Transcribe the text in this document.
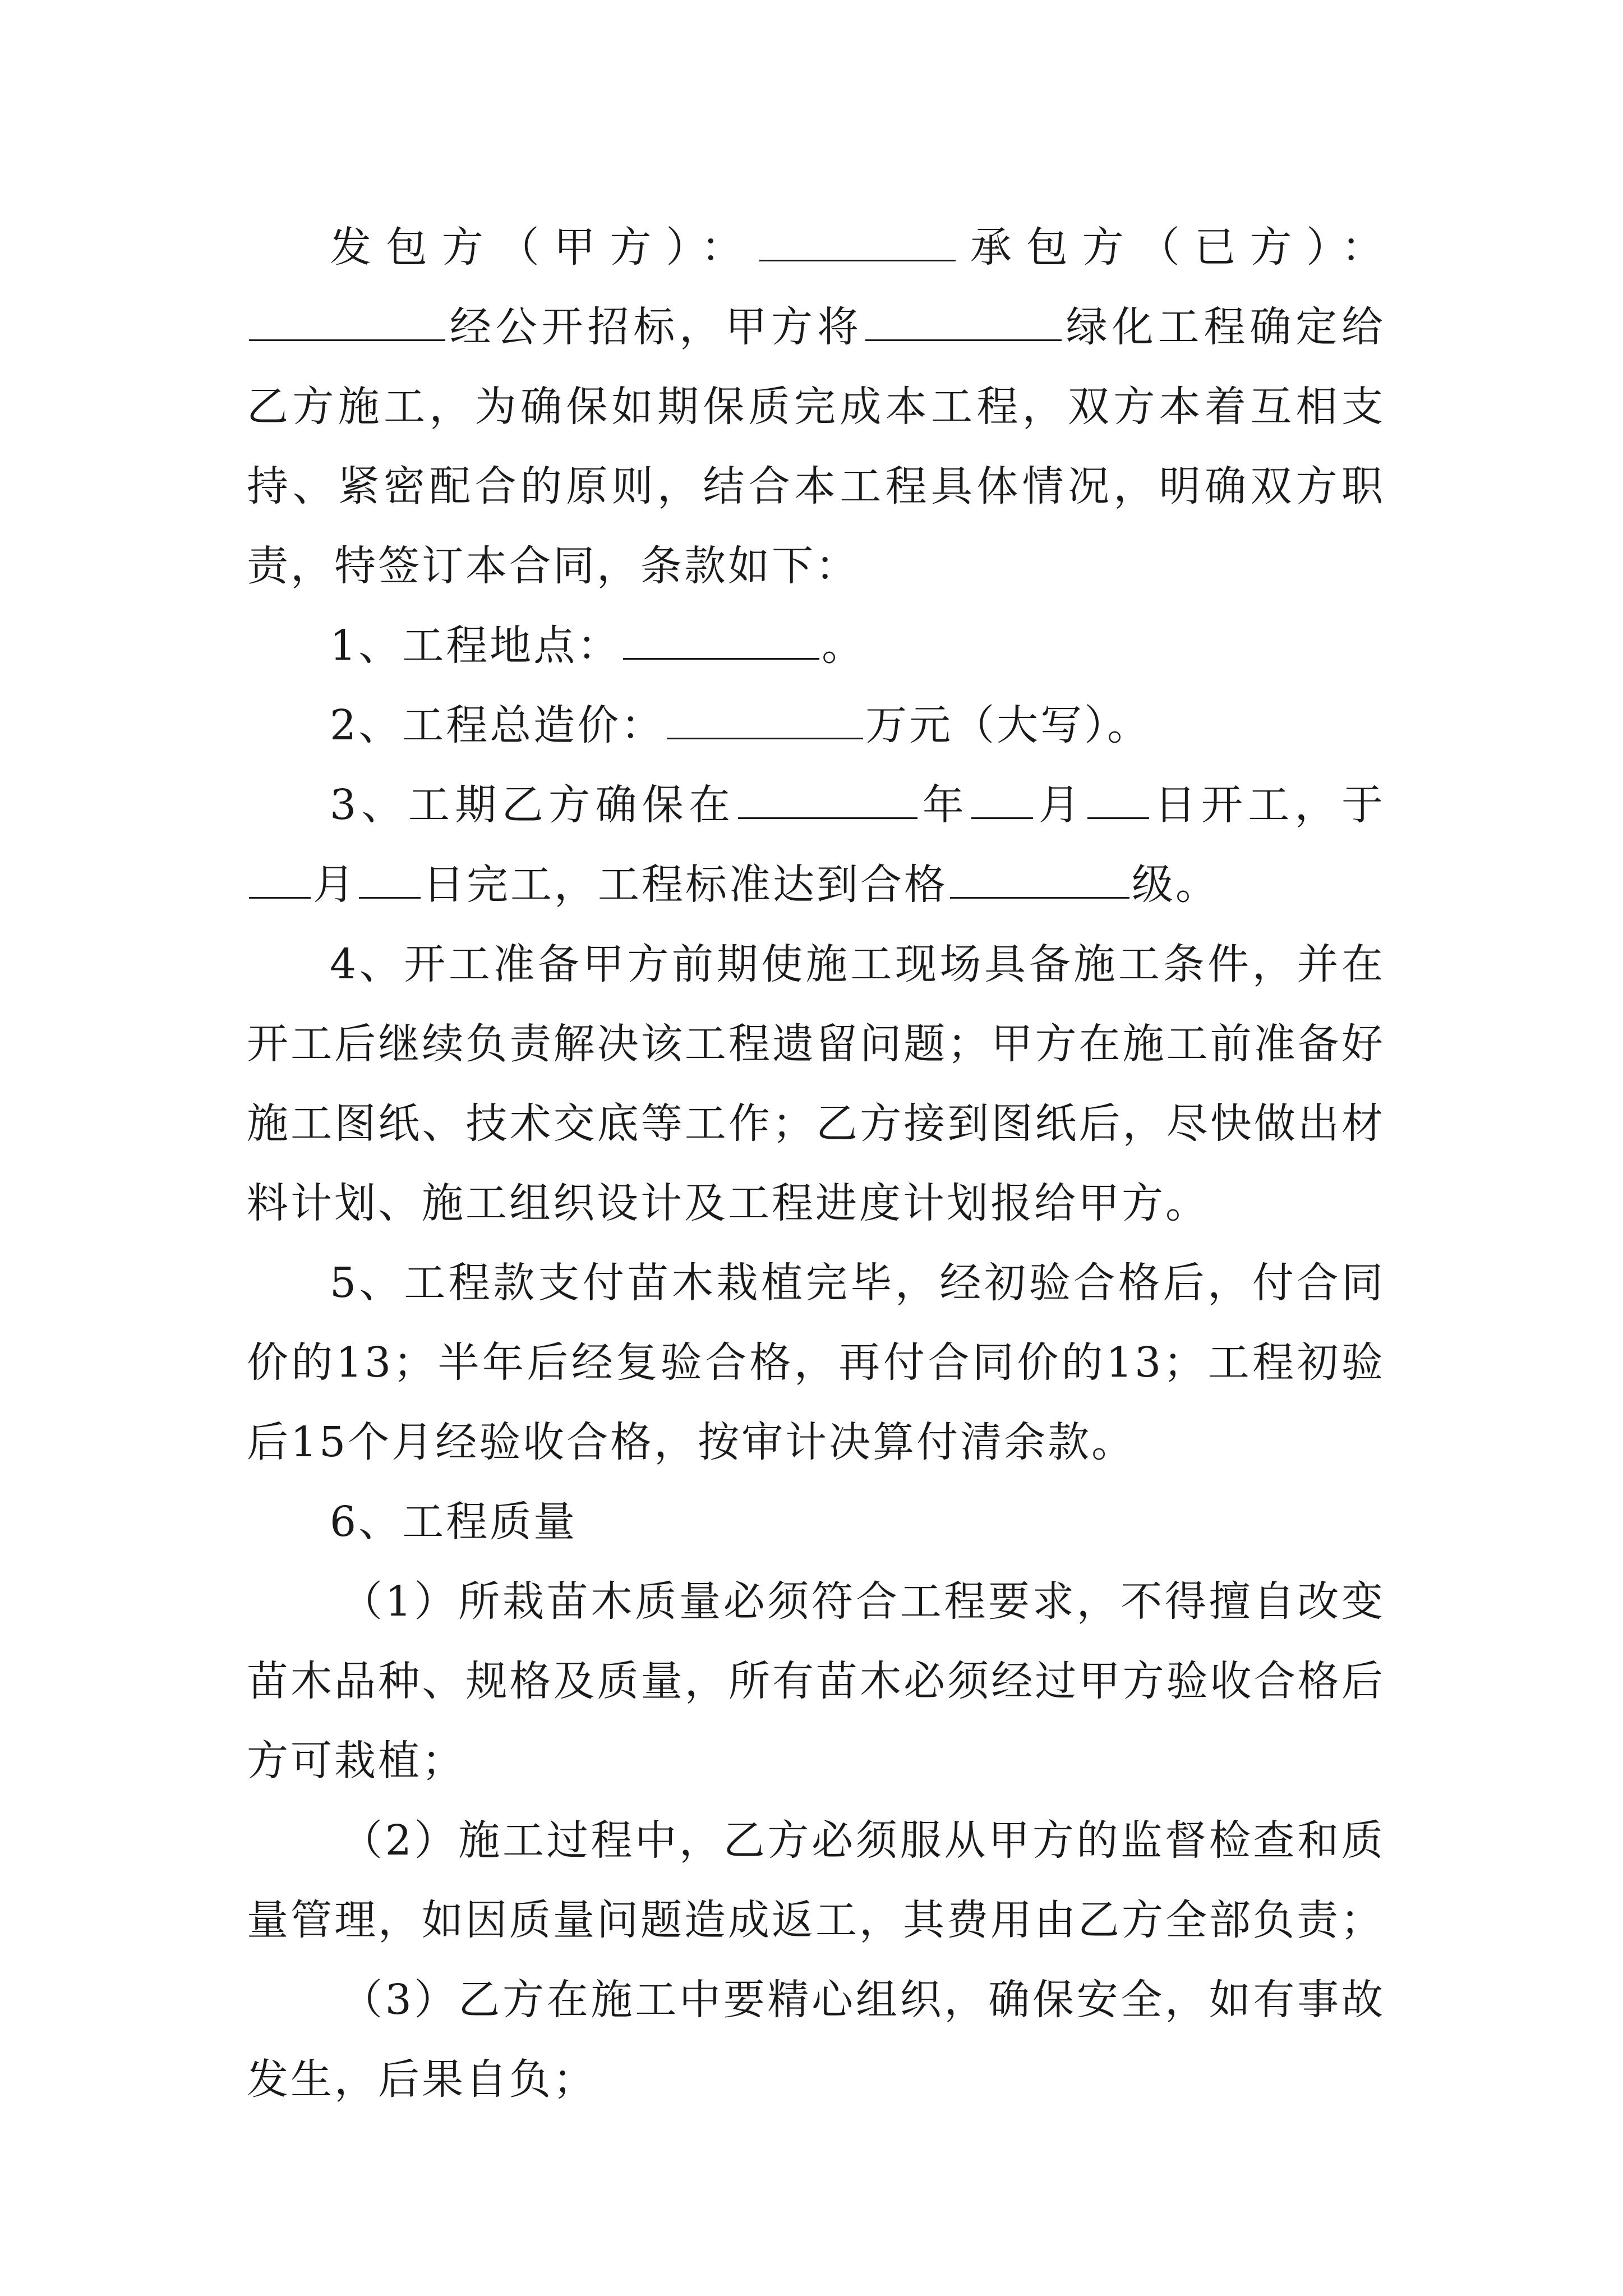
发包方（甲方）：	承包方（已方）：经公开招标，甲方将	绿化工程确定给乙方施工，为确保如期保质完成本工程，双方本着互相支持、紧密配合的原则，结合本工程具体情况，明确双方职责，特签订本合同，条款如下：

1、工程地点：	。

2、工程总造价：	万元（大写）。

3、工期乙方确保在	年 月 日开工，于月 日完工，工程标准达到合格	级。

4、开工准备甲方前期使施工现场具备施工条件，并在开工后继续负责解决该工程遗留问题；甲方在施工前准备好施工图纸、技术交底等工作；乙方接到图纸后，尽快做出材料计划、施工组织设计及工程进度计划报给甲方。

5、工程款支付苗木栽植完毕，经初验合格后，付合同价的13；半年后经复验合格，再付合同价的13；工程初验后15个月经验收合格，按审计决算付清余款。

6、工程质量

（1）所栽苗木质量必须符合工程要求，不得擅自改变苗木品种、规格及质量，所有苗木必须经过甲方验收合格后方可栽植；

（2）施工过程中，乙方必须服从甲方的监督检查和质量管理，如因质量问题造成返工，其费用由乙方全部负责；

（3）乙方在施工中要精心组织，确保安全，如有事故发生，后果自负；
